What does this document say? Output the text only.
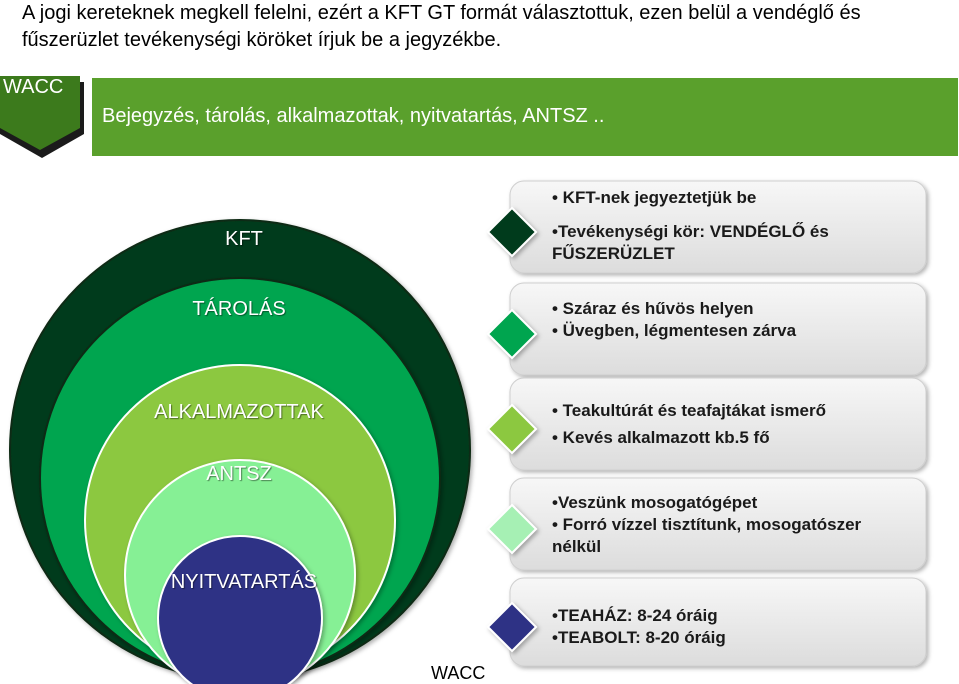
A jogi kereteknek megkell felelni, ezért a KFT GT formát választottuk, ezen belül a vendéglő és fűszerüzlet tevékenységi köröket írjuk be a jegyzékbe.
WACC
Bejegyzés, tárolás, alkalmazottak, nyitvatartás, ANTSZ ..
KFT
TÁROLÁS
ALKALMAZOTTAK
ANTSZ
NYITVATARTÁS
• KFT-nek jegyeztetjük be
•Tevékenységi kör: VENDÉGLŐ és
FŰSZERÜZLET
• Száraz és hűvös helyen
• Üvegben, légmentesen zárva
• Teakultúrát és teafajtákat ismerő
• Kevés alkalmazott kb.5 fő
•Veszünk mosogatógépet
• Forró vízzel tisztítunk, mosogatószer
nélkül
•TEAHÁZ: 8-24 óráig
•TEABOLT: 8-20 óráig
WACC
